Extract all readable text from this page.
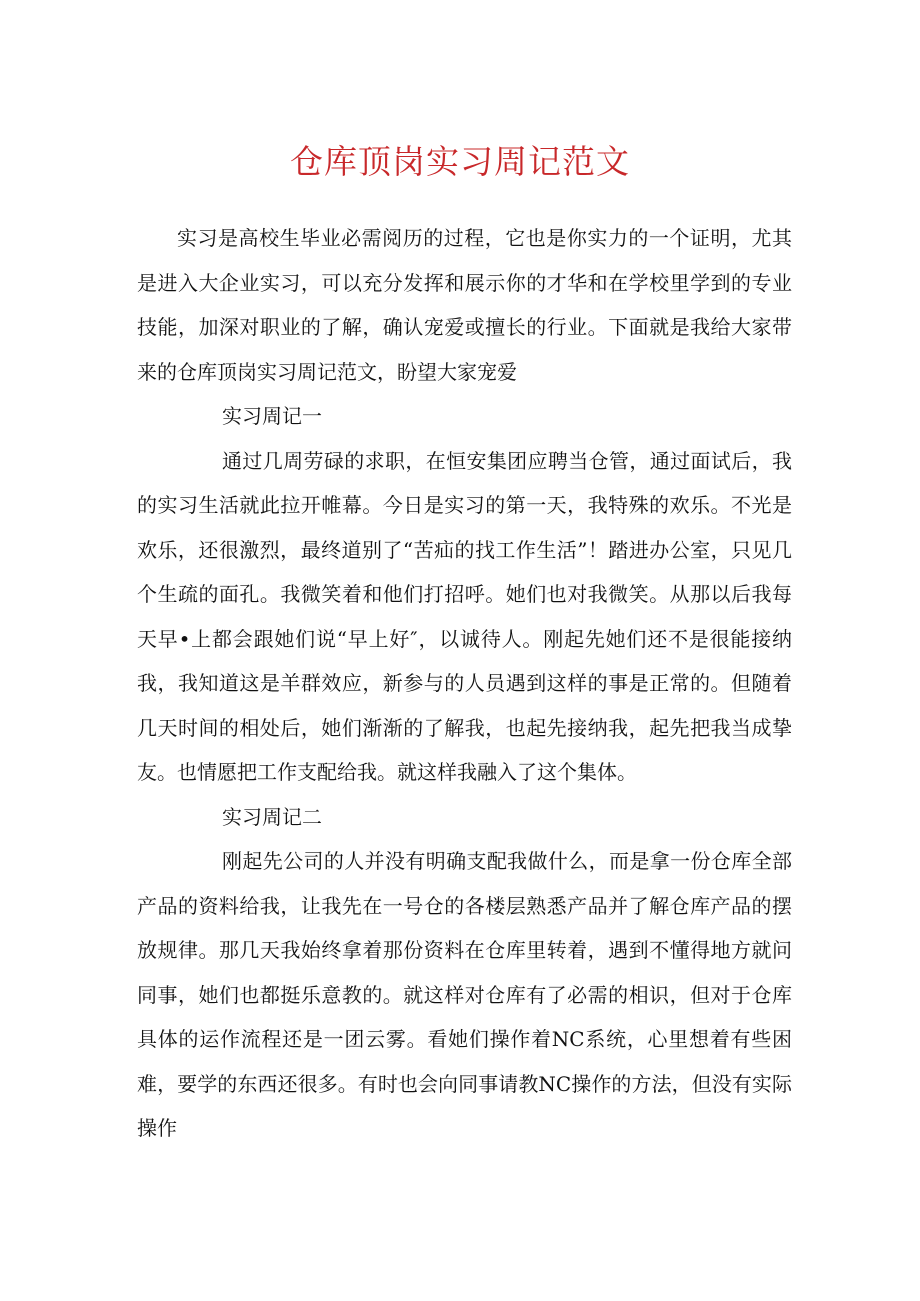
仓库顶岗实习周记范文

实习是高校生毕业必需阅历的过程，它也是你实力的一个证明，尤其是进入大企业实习，可以充分发挥和展示你的才华和在学校里学到的专业技能，加深对职业的了解，确认宠爱或擅长的行业。下面就是我给大家带来的仓库顶岗实习周记范文，盼望大家宠爱

实习周记一

通过几周劳碌的求职，在恒安集团应聘当仓管，通过面试后，我的实习生活就此拉开帷幕。今日是实习的第一天，我特殊的欢乐。不光是欢乐，还很激烈，最终道别了“苦疝的找工作生活”！踏进办公室，只见几个生疏的面孔。我微笑着和他们打招呼。她们也对我微笑。从那以后我每天早•上都会跟她们说“早上好″，以诚待人。刚起先她们还不是很能接纳我，我知道这是羊群效应，新参与的人员遇到这样的事是正常的。但随着几天时间的相处后，她们渐渐的了解我，也起先接纳我，起先把我当成挚友。也情愿把工作支配给我。就这样我融入了这个集体。

实习周记二

刚起先公司的人并没有明确支配我做什么，而是拿一份仓库全部产品的资料给我，让我先在一号仓的各楼层熟悉产品并了解仓库产品的摆放规律。那几天我始终拿着那份资料在仓库里转着，遇到不懂得地方就问同事，她们也都挺乐意教的。就这样对仓库有了必需的相识，但对于仓库具体的运作流程还是一团云雾。看她们操作着NC系统，心里想着有些困难，要学的东西还很多。有时也会向同事请教NC操作的方法，但没有实际操作
